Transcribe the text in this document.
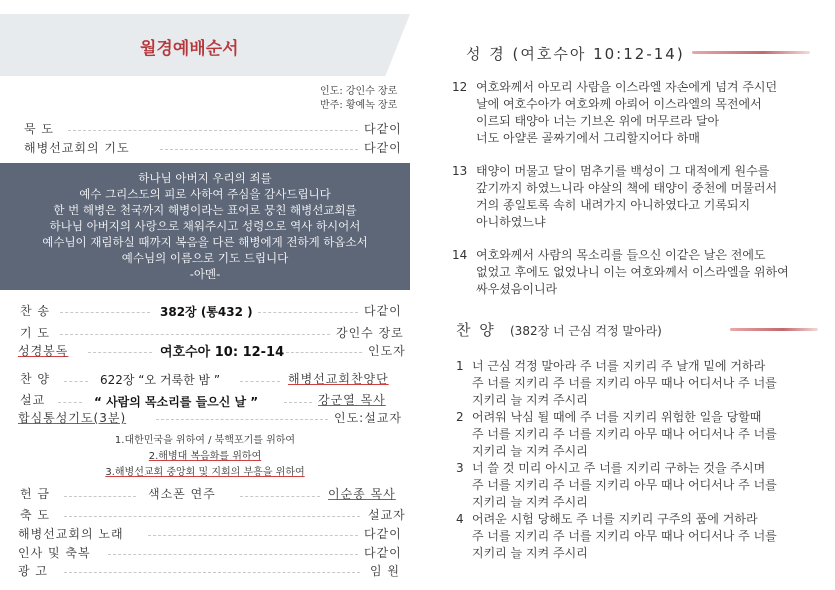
월경예배순서
인도: 강인수 장로
반주: 황예녹 장로
묵 도	다같이
해병선교회의 기도	다같이
하나님 아버지 우리의 죄를
예수 그리스도의 피로 사하여 주심을 감사드립니다
한 번 해병은 천국까지 해병이라는 표어로 뭉친 해병선교회를
하나님 아버지의 사랑으로 채워주시고 성령으로 역사 하시어서
예수님이 재림하실 때까지 복음을 다른 해병에게 전하게 하옵소서
예수님의 이름으로 기도 드립니다
-아멘-
찬 송	382장 (통432 )	다같이
기 도	강인수 장로
성경봉독	여호수아 10: 12-14	인도자
찬 양	622장 “오 거룩한 밤 ”	해병선교회찬양단
설교	“ 사람의 목소리를 들으신 날 ”	강군열 목사
합심통성기도(3분)	인도:설교자
1.대한민국을 위하여 / 북핵포기를 위하여
2.해병대 복음화를 위하여
3.해병선교회 중앙회 및 지회의 부흥을 위하여
헌 금	색소폰 연주	이순종 목사
축 도	설교자
해병선교회의 노래	다같이
인사 및 축복	다같이
광 고	임 원
성 경 (여호수아 10:12-14)
12 여호와께서 아모리 사람을 이스라엘 자손에게 넘겨 주시던
날에 여호수아가 여호와께 아뢰어 이스라엘의 목전에서
이르되 태양아 너는 기브온 위에 머무르라 달아
너도 아얄론 골짜기에서 그리할지어다 하매
13 태양이 머물고 달이 멈추기를 백성이 그 대적에게 원수를
갚기까지 하였느니라 야살의 책에 태양이 중천에 머물러서
거의 종일토록 속히 내려가지 아니하였다고 기록되지
아니하였느냐
14 여호와께서 사람의 목소리를 들으신 이같은 날은 전에도
없었고 후에도 없었나니 이는 여호와께서 이스라엘을 위하여
싸우셨음이니라
찬 양 (382장 너 근심 걱정 말아라)
1 너 근심 걱정 말아라 주 너를 지키리 주 날개 밑에 거하라
주 너를 지키리 주 너를 지키리 아무 때나 어디서나 주 너를
지키리 늘 지켜 주시리
2 어려워 낙심 될 때에 주 너를 지키리 위험한 일을 당할때
주 너를 지키리 주 너를 지키리 아무 때나 어디서나 주 너를
지키리 늘 지켜 주시리
3 너 쓸 것 미리 아시고 주 너를 지키리 구하는 것을 주시며
주 너를 지키리 주 너를 지키리 아무 때나 어디서나 주 너를
지키리 늘 지켜 주시리
4 어려운 시험 당해도 주 너를 지키리 구주의 품에 거하라
주 너를 지키리 주 너를 지키리 아무 때나 어디서나 주 너를
지키리 늘 지켜 주시리
